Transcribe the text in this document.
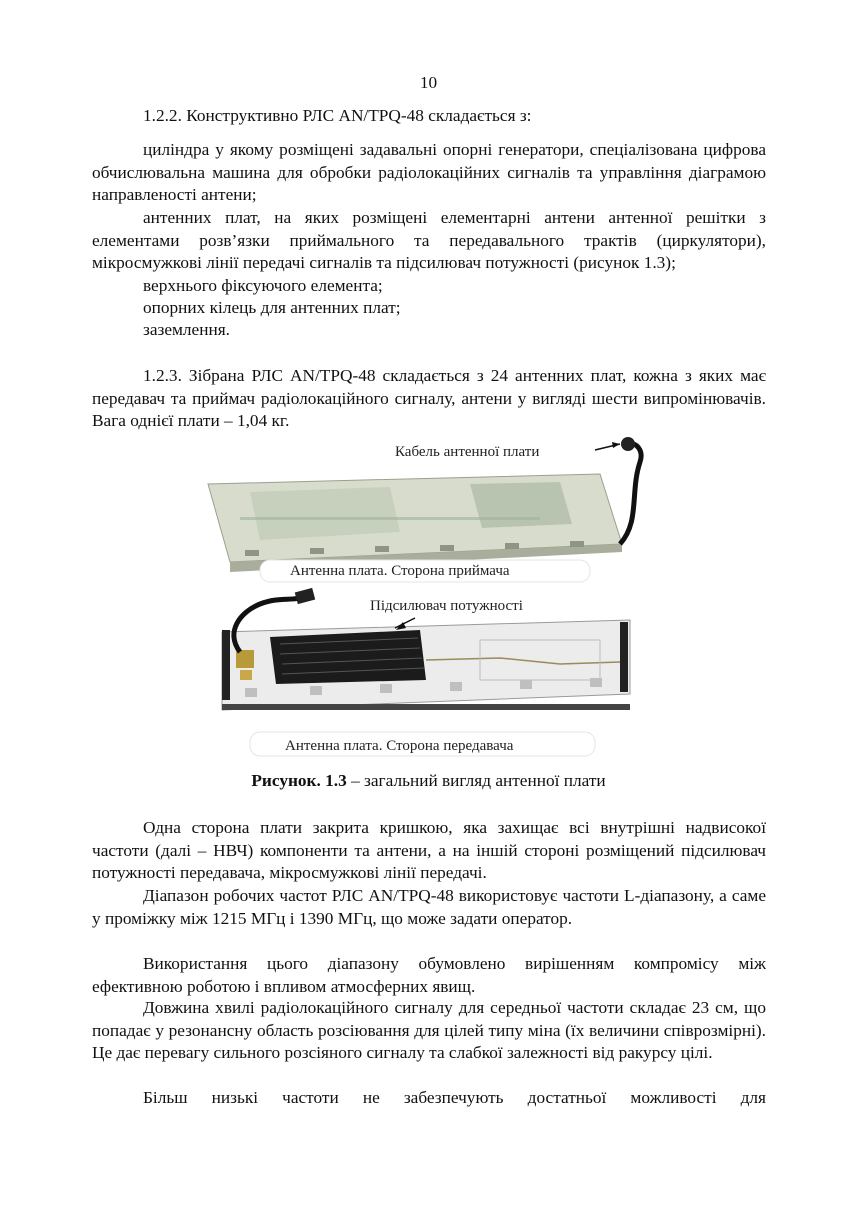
10
1.2.2. Конструктивно РЛС AN/TPQ-48 складається з:

циліндра у якому розміщені задавальні опорні генератори, спеціалізована цифрова обчислювальна машина для обробки радіолокаційних сигналів та управління діаграмою направленості антени;

антенних плат, на яких розміщені елементарні антени антенної решітки з елементами розв’язки приймального та передавального трактів (циркулятори), мікросмужкові лінії передачі сигналів та підсилювач потужності (рисунок 1.3);

верхнього фіксуючого елемента;
опорних кілець для антенних плат;
заземлення.

1.2.3. Зібрана РЛС AN/TPQ-48 складається з 24 антенних плат, кожна з яких має передавач та приймач радіолокаційного сигналу, антени у вигляді шести випромінювачів. Вага однієї плати – 1,04 кг.

Кабель антенної плати
Антенна плата. Сторона приймача
Підсилювач потужності
Антенна плата. Сторона передавача
Рисунок. 1.3 – загальний вигляд антенної плати

Одна сторона плати закрита кришкою, яка захищає всі внутрішні надвисокої частоти (далі – НВЧ) компоненти та антени, а на іншій стороні розміщений підсилювач потужності передавача, мікросмужкові лінії передачі.

Діапазон робочих частот РЛС AN/TPQ-48 використовує частоти L-діапазону, а саме у проміжку між 1215 МГц і 1390 МГц, що може задати оператор.

Використання цього діапазону обумовлено вирішенням компромісу між ефективною роботою і впливом атмосферних явищ.

Довжина хвилі радіолокаційного сигналу для середньої частоти складає 23 см, що попадає у резонансну область розсіювання для цілей типу міна (їх величини співрозмірні). Це дає перевагу сильного розсіяного сигналу та слабкої залежності від ракурсу цілі.

Більш низькі частоти не забезпечують достатньої можливості для
